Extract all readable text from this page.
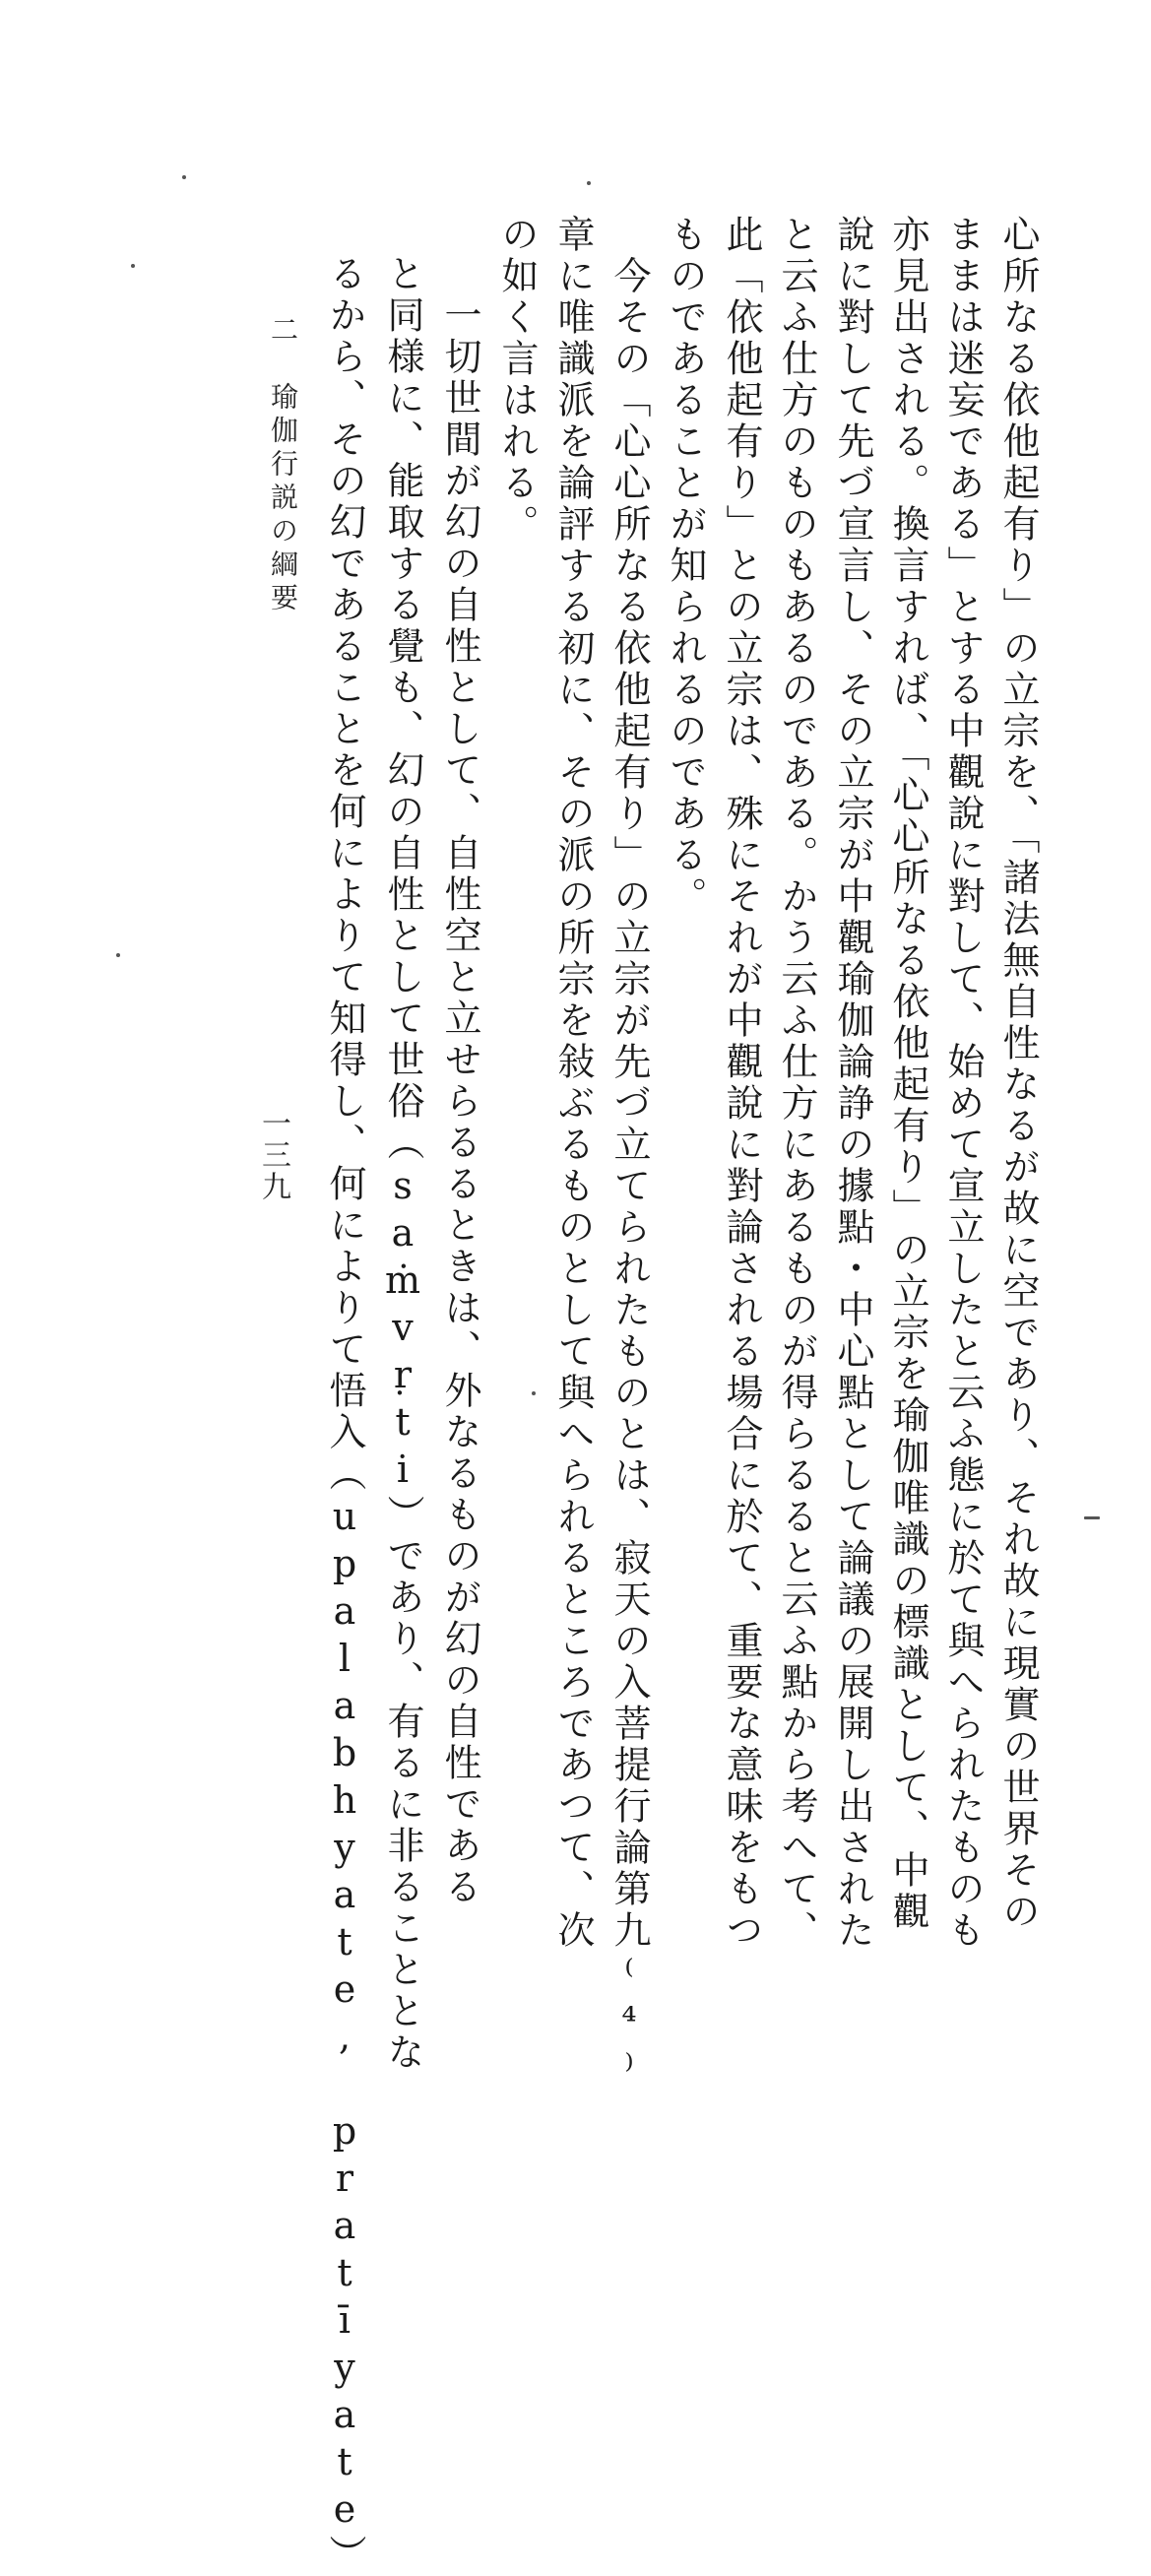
心所なる依他起有り」の立宗を、「諸法無自性なるが故に空であり、それ故に現實の世界その
ままは迷妄である」とする中觀說に對して、始めて宣立したと云ふ態に於て與へられたものも
亦見出される。換言すれば、「心心所なる依他起有り」の立宗を瑜伽唯識の標識として、中觀
說に對して先づ宣言し、その立宗が中觀瑜伽論諍の據點・中心點として論議の展開し出された
と云ふ仕方のものもあるのである。かう云ふ仕方にあるものが得らるると云ふ點から考へて、
此「依他起有り」との立宗は、殊にそれが中觀說に對論される場合に於て、重要な意味をもつ
ものであることが知られるのである。
今その「心心所なる依他起有り」の立宗が先づ立てられたものとは、寂天の入菩提行論第九⁽⁴⁾
章に唯識派を論評する初に、その派の所宗を敍ぶるものとして與へられるところであつて、次
の如く言はれる。
一切世間が幻の自性として、自性空と立せらるるときは、外なるものが幻の自性である
と同様に、能取する覺も、幻の自性として世俗（saṁvṛti）であり、有るに非ることとな
るから、その幻であることを何によりて知得し、何によりて悟入（upalabhyate, pratīyate）
二　瑜伽行説の綱要
一三九
